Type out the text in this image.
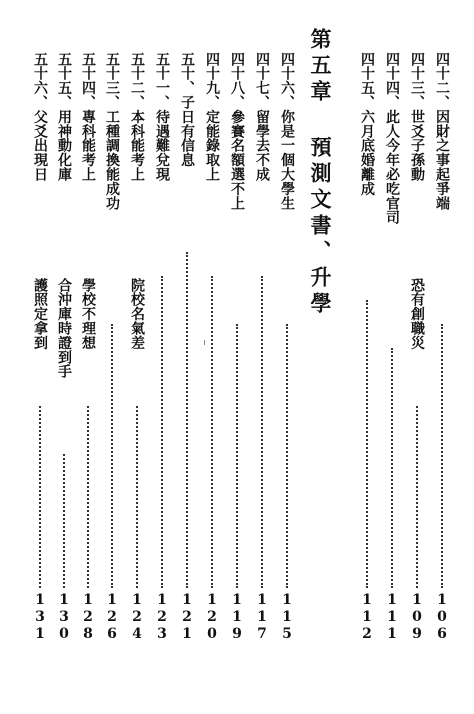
第五章 預測文書、升學	四十二、因財之事起爭端
106
四十三、世爻子孫動
恐有創職災
109
四十四、此人今年必吃官司
111
四十五、六月底婚離成
112
四十六、你是一個大學生
115
四十七、留學去不成
117
四十八、參賽名額選不上
119
四十九、定能錄取上
120
五十、子日有信息
121
五十一、待遇難兌現
123
五十二、本科能考上
院校名氣差
124
五十三、工種調換能成功
126
五十四、專科能考上
學校不理想
128
五十五、用神動化庫
合沖庫時證到手
130
五十六、父爻出現日
護照定拿到
131
